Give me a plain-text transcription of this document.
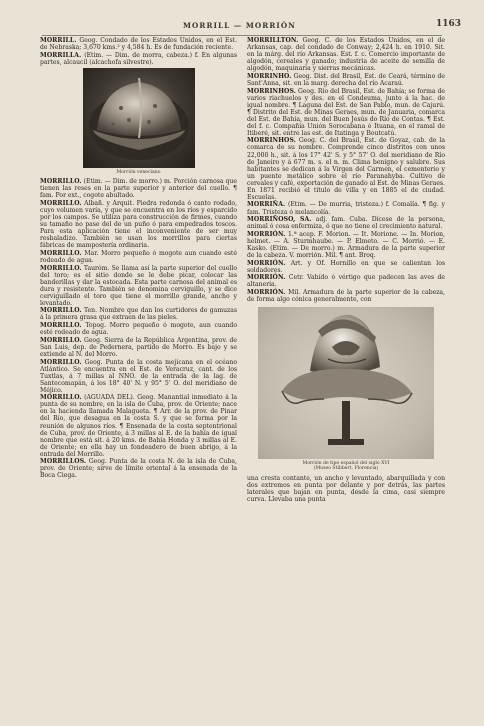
MORRILL — MORRIÓN	1163

MORRILL. Geog. Condado de los Estados Unidos, en el Est. de Nebraska; 3,670 kms.² y 4,584 h. Es de fundación reciente.

MORRILLA. (Etim. — Dim. de morra, cabeza.) f. En algunas partes, alcaucil (alcachofa silvestre).

Morrión veneciano

MORRILLO. (Etim. — Dim. de morro.) m. Porción carnosa que tienen las reses en la parte superior y anterior del cuello. ¶ fam. Por ext., cogote abultado.

MORRILLO. Albañ. y Arquit. Piedra redonda ó canto rodado, cuyo volumen varía, y que se encuentra en los ríos y esparcido por los campos. Se utiliza para construcción de firmes, cuando su tamaño no pase del de un puño ó para empedrados toscos. Para esta aplicación tiene el inconveniente de ser muy resbaladizo. También se usan los morrillos para ciertas fábricas de mampostería ordinaria.

MORRILLO. Mar. Morro pequeño ó mogote aun cuando esté rodeado de agua.

MORRILLO. Tauróm. Se llama así la parte superior del cuello del toro; es el sitio donde se le debe picar, colocar las banderillas y dar la estocada. Esta parte carnosa del animal es dura y resistente. También se denomina cerviguillo, y se dice cerviguillado el toro que tiene el morrillo grande, ancho y levantado.

MORRILLO. Ten. Nombre que dan los curtidores de gamuzas á la primera grasa que extraen de las pieles.

MORRILLO. Topog. Morro pequeño ó mogote, aun cuando esté rodeado de agua.

MORRILLO. Geog. Sierra de la República Argentina, prov. de San Luis, dep. de Pedernera, partido de Morro. Es bajo y se extiende al N. del Morro.

MORRILLO. Geog. Punta de la costa mejicana en el océano Atlántico. Se encuentra en el Est. de Veracruz, cant. de los Tuxtlas, á 7 millas al NNO. de la entrada de la lag. de Santecomapán, á los 18° 40' N. y 95° 5' O. del meridiano de Méjico.

MORRILLO. (AGUADA DEL). Geog. Manantial inmediato á la punta de su nombre, en la isla de Cuba, prov. de Oriente; nace en la hacienda llamada Malagueta. ¶ Arr. de la prov. de Pinar del Río, que desagua en la costa S. y que se forma por la reunión de algunos ríos. ¶ Ensenada de la costa septentrional de Cuba, prov. de Oriente, á 3 millas al E. de la bahía de igual nombre que está sit. á 20 kms. de Bahía Honda y 3 millas al E. de Oriente; en ella hay un fondeadero de buen abrigo, á la entrada del Morrillo.

MORRILLOS. Geog. Punta de la costa N. de la isla de Cuba, prov. de Oriente; sirve de límite oriental á la ensenada de la Boca Ciega.

MORRILLTON. Geog. C. de los Estados Unidos, en el de Arkansas, cap. del condado de Conway; 2,424 h. en 1910. Sit. en la márg. del río Arkansas. Est. f. c. Comercio importante de algodón, cereales y ganado; industria de aceite de semilla de algodón, maquinaria y sierras mecánicas.

MORRINHO. Geog. Dist. del Brasil, Est. de Ceará, término de Sant'Anna, sit. en la marg. derecha del río Acaraú.

MORRINHOS. Geog. Río del Brasil, Est. de Bahía; se forma de varios riachuelos y des. en el Condeuma, junto á la hac. de igual nombre. ¶ Laguna del Est. de San Pablo, mun. de Cajurú. ¶ Distrito del Est. de Minas Geraes, mun. de Januaria, comarca del Est. de Bahía, mun. del Buen Jesús do Río de Contas. ¶ Est. del f. c. Compañía Unión Sorocabana é Ituana, en el ramal de Itiberé, sit. entre las est. de Itatinga y Boutcatú.

MORRINHOS. Geog. C. del Brasil, Est. de Goyaz, cab. de la comarca de su nombre. Comprende cinco distritos con unos 22,000 h., sit. á los 17° 42' S. y 5° 57' O. del meridiano de Río de Janeiro y á 677 m. s. el n. m. Clima benigno y salubre. Sus habitantes se dedican á la Virgen del Carmen, el cementerio y un puente metálico sobre el río Paranahyba. Cultivo de cereales y café, exportación de ganado al Est. de Minas Geraes. En 1871 recibió el título de villa y en 1885 el de ciudad. Escuelas.

MORRIÑA. (Etim. — De murria, tristeza.) f. Comalía. ¶ fig. y fam. Tristeza ó melancolía.

MORRIÑOSO, SA. adj. fam. Cuba. Dícese de la persona, animal ó cosa enfermiza, ó que no tiene el crecimiento natural.

MORRIÓN. 1.ª acep. F. Morion. — It. Morione. — In. Morion, helmet. — A. Sturmhaube. — P. Elmeto. — C. Morrió. — E. Kasko. (Etim. — De morro.) m. Armadura de la parte superior de la cabeza. V. morrión. Mil. ¶ ant. Broq.

MORRIÓN. Art. y Of. Hornillo en que se calientan los soldadores.

MORRIÓN. Cetr. Vahído ó vértigo que padecen las aves de altanería.

MORRIÓN. Mil. Armadura de la parte superior de la cabeza, de forma algo cónica generalmente, con

Morrión de tipo español del siglo XVI
(Museo Stibbert, Florencia)

una cresta contante, un ancho y levantado, abarquillada y con dos extremos en punta por delante y por detrás, las partes laterales que bajan en punta, desde la cima, casi siempre curva. Llevaba una punta
